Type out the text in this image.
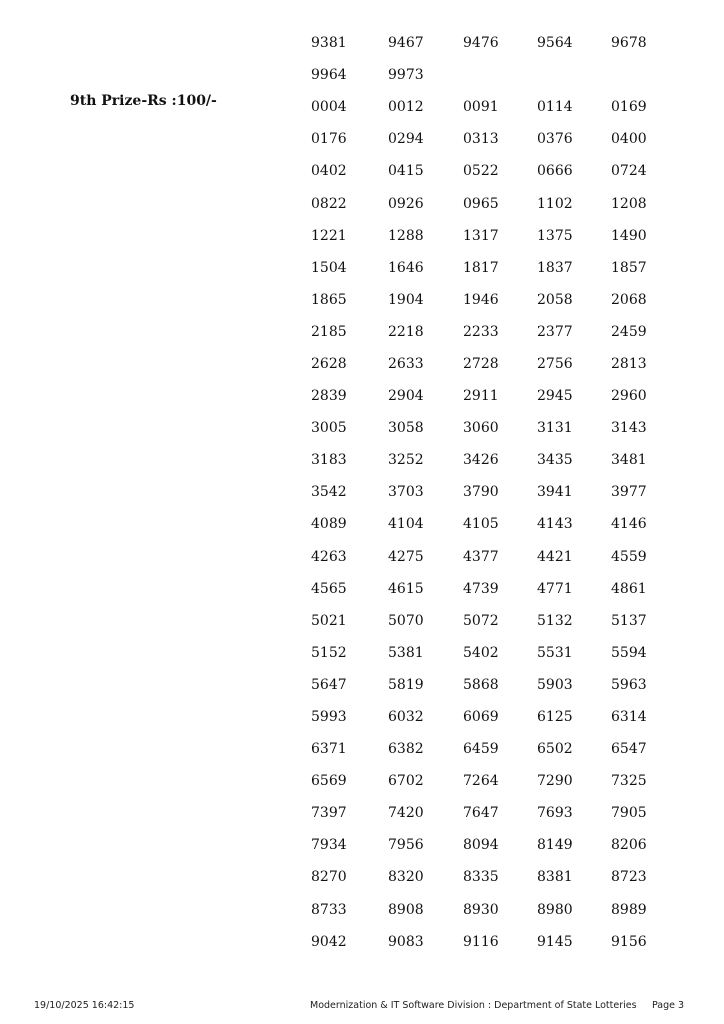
9th Prize-Rs :100/-
9381	9467	9476	9564	9678
9964	9973
0004	0012	0091	0114	0169
0176	0294	0313	0376	0400
0402	0415	0522	0666	0724
0822	0926	0965	1102	1208
1221	1288	1317	1375	1490
1504	1646	1817	1837	1857
1865	1904	1946	2058	2068
2185	2218	2233	2377	2459
2628	2633	2728	2756	2813
2839	2904	2911	2945	2960
3005	3058	3060	3131	3143
3183	3252	3426	3435	3481
3542	3703	3790	3941	3977
4089	4104	4105	4143	4146
4263	4275	4377	4421	4559
4565	4615	4739	4771	4861
5021	5070	5072	5132	5137
5152	5381	5402	5531	5594
5647	5819	5868	5903	5963
5993	6032	6069	6125	6314
6371	6382	6459	6502	6547
6569	6702	7264	7290	7325
7397	7420	7647	7693	7905
7934	7956	8094	8149	8206
8270	8320	8335	8381	8723
8733	8908	8930	8980	8989
9042	9083	9116	9145	9156
19/10/2025 16:42:15	Modernization & IT Software Division : Department of State Lotteries Page 3
